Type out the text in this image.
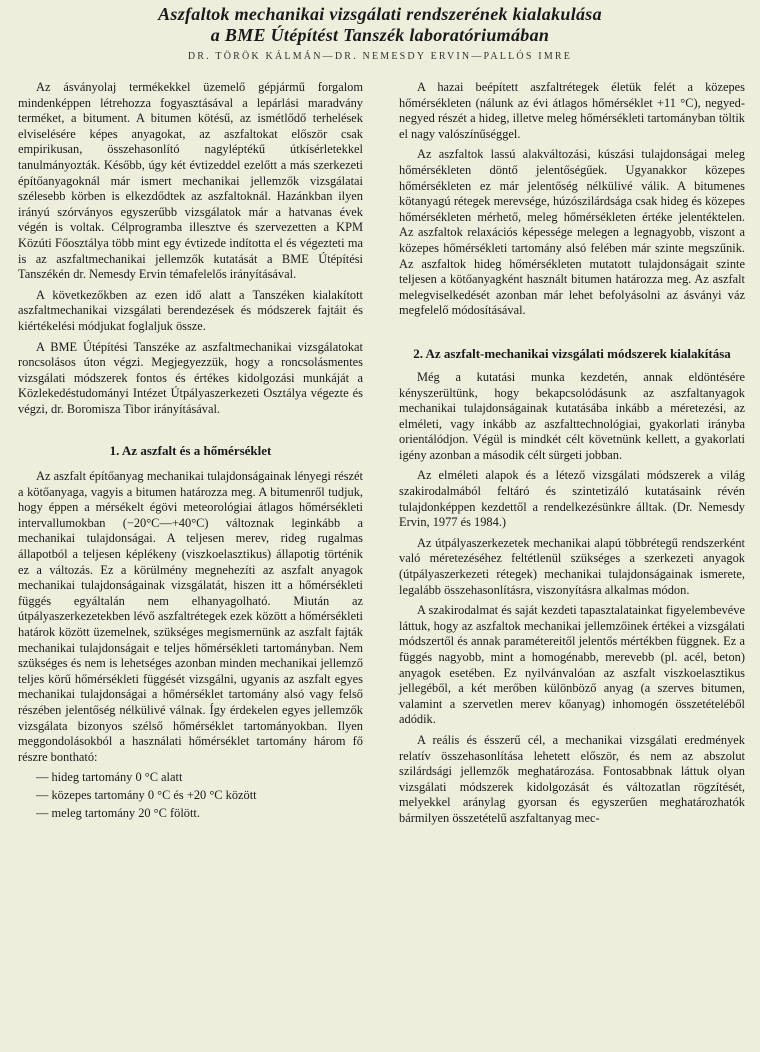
Aszfaltok mechanikai vizsgálati rendszerének kialakulása
a BME Útépítést Tanszék laboratóriumában
DR. TÖRÖK KÁLMÁN—DR. NEMESDY ERVIN—PALLÓS IMRE

Az ásványolaj termékekkel üzemelő gépjármű forgalom mindenképpen létrehozza fogyasztásával a lepárlási maradvány terméket, a bitument. A bitumen kötésű, az ismétlődő terhelések elviselésére képes anyagokat, az aszfaltokat először csak empirikusan, összehasonlító nagyléptékű útkísérletekkel tanulmányozták. Később, úgy két évtizeddel ezelőtt a más szerkezeti építőanyagoknál már ismert mechanikai jellemzők vizsgálatai szélesebb körben is elkezdődtek az aszfaltoknál. Hazánkban ilyen irányú szórványos egyszerűbb vizsgálatok már a hatvanas évek végén is voltak. Célprogramba illesztve és szervezetten a KPM Közúti Főosztálya több mint egy évtizede indította el és végezteti ma is az aszfaltmechanikai jellemzők kutatását a BME Útépítési Tanszékén dr. Nemesdy Ervin témafelelős irányításával.

A következőkben az ezen idő alatt a Tanszéken kialakított aszfaltmechanikai vizsgálati berendezések és módszerek fajtáit és kiértékelési módjukat foglaljuk össze.

A BME Útépítési Tanszéke az aszfaltmechanikai vizsgálatokat roncsolásos úton végzi. Megjegyezzük, hogy a roncsolásmentes vizsgálati módszerek fontos és értékes kidolgozási munkáját a Közlekedéstudományi Intézet Útpályaszerkezeti Osztálya végezte és végzi, dr. Boromisza Tibor irányításával.

1. Az aszfalt és a hőmérséklet

Az aszfalt építőanyag mechanikai tulajdonságainak lényegi részét a kötőanyaga, vagyis a bitumen határozza meg. A bitumenről tudjuk, hogy éppen a mérsékelt égövi meteorológiai átlagos hőmérsékleti intervallumokban (−20°C—+40°C) változnak leginkább a mechanikai tulajdonságai. A teljesen merev, rideg rugalmas állapotból a teljesen képlékeny (viszkoelasztikus) állapotig történik ez a változás. Ez a körülmény megnehezíti az aszfalt anyagok mechanikai tulajdonságainak vizsgálatát, hiszen itt a hőmérsékleti függés egyáltalán nem elhanyagolható. Miután az útpályaszerkezetekben lévő aszfaltrétegek ezek között a hőmérsékleti határok között üzemelnek, szükséges megismernünk az aszfalt fajták mechanikai tulajdonságait e teljes hőmérsékleti tartományban. Nem szükséges és nem is lehetséges azonban minden mechanikai jellemző teljes körű hőmérsékleti függését vizsgálni, ugyanis az aszfalt egyes mechanikai tulajdonságai a hőmérséklet tartomány alsó vagy felső részében jelentőség nélkülivé válnak. Így érdekelen egyes jellemzők vizsgálata bizonyos szélső hőmérséklet tartományokban. Ilyen meggondolásokból a használati hőmérséklet tartomány három fő részre bontható:

— hideg tartomány 0 °C alatt

— közepes tartomány 0 °C és +20 °C között

— meleg tartomány 20 °C fölött.

A hazai beépített aszfaltrétegek életük felét a közepes hőmérsékleten (nálunk az évi átlagos hőmérséklet +11 °C), negyed-negyed részét a hideg, illetve meleg hőmérsékleti tartományban töltik el nagy valószínűséggel.

Az aszfaltok lassú alakváltozási, kúszási tulajdonságai meleg hőmérsékleten döntő jelentőségűek. Ugyanakkor közepes hőmérsékleten ez már jelentőség nélkülivé válik. A bitumenes kötanyagú rétegek merevsége, húzószilárdsága csak hideg és közepes hőmérsékleten mérhető, meleg hőmérsékleten értéke jelentéktelen. Az aszfaltok relaxációs képessége melegen a legnagyobb, viszont a közepes hőmérsékleti tartomány alsó felében már szinte megszűnik. Az aszfaltok hideg hőmérsékleten mutatott tulajdonságait szinte teljesen a kötőanyagként használt bitumen határozza meg. Az aszfalt melegviselkedését azonban már lehet befolyásolni az ásványi váz megfelelő módosításával.

2. Az aszfalt-mechanikai vizsgálati módszerek kialakítása

Még a kutatási munka kezdetén, annak eldöntésére kényszerültünk, hogy bekapcsolódásunk az aszfaltanyagok mechanikai tulajdonságainak kutatásába inkább a méretezési, az elméleti, vagy inkább az aszfalttechnológiai, gyakorlati irányba orientálódjon. Végül is mindkét célt követnünk kellett, a gyakorlati igény azonban a második célt sürgeti jobban.

Az elméleti alapok és a létező vizsgálati módszerek a világ szakirodalmából feltáró és szintetizáló kutatásaink révén tulajdonképpen kezdettől a rendelkezésünkre álltak. (Dr. Nemesdy Ervin, 1977 és 1984.)

Az útpályaszerkezetek mechanikai alapú többrétegű rendszerként való méretezéséhez feltétlenül szükséges a szerkezeti anyagok (útpályaszerkezeti rétegek) mechanikai tulajdonságainak ismerete, legalább összehasonlításra, viszonyításra alkalmas módon.

A szakirodalmat és saját kezdeti tapasztalatainkat figyelembevéve láttuk, hogy az aszfaltok mechanikai jellemzőinek értékei a vizsgálati módszertől és annak paramétereitől jelentős mértékben függnek. Ez a függés nagyobb, mint a homogénabb, merevebb (pl. acél, beton) anyagok esetében. Ez nyilvánvalóan az aszfalt viszkoelasztikus jellegéből, a két merőben különböző anyag (a szerves bitumen, valamint a szervetlen merev kőanyag) inhomogén összetételéből adódik.

A reális és ésszerű cél, a mechanikai vizsgálati eredmények relatív összehasonlítása lehetett először, és nem az abszolut szilárdsági jellemzők meghatározása. Fontosabbnak láttuk olyan vizsgálati módszerek kidolgozását és változatlan rögzítését, melyekkel aránylag gyorsan és egyszerűen meghatározhatók bármilyen összetételű aszfaltanyag mec-
